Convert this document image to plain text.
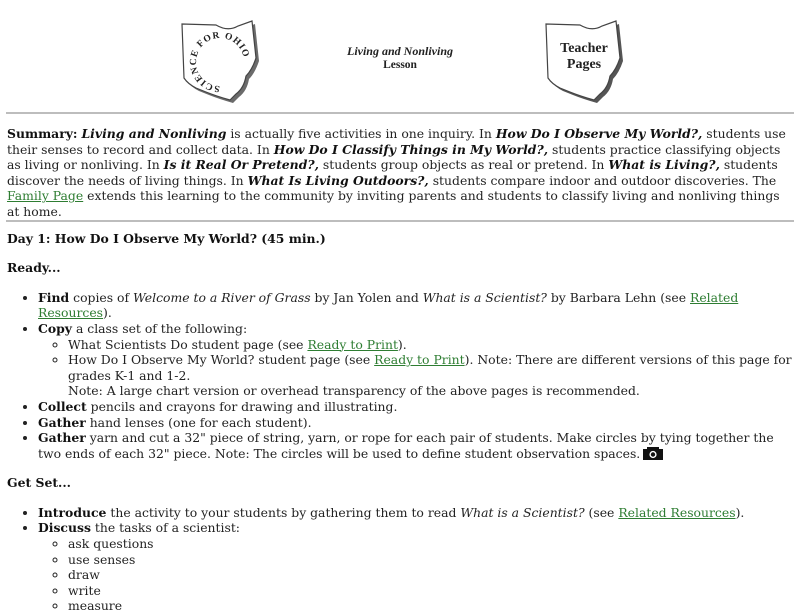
SCIENCE FOR OHIO	Living and Nonliving
Lesson
Teacher
Pages
Summary: Living and Nonliving is actually five activities in one inquiry. In How Do I Observe My World?, students use their senses to record and collect data. In How Do I Classify Things in My World?, students practice classifying objects as living or nonliving. In Is it Real Or Pretend?, students group objects as real or pretend. In What is Living?, students discover the needs of living things. In What Is Living Outdoors?, students compare indoor and outdoor discoveries. The Family Page extends this learning to the community by inviting parents and students to classify living and nonliving things at home.
Day 1: How Do I Observe My World? (45 min.)
Ready...
• Find copies of Welcome to a River of Grass by Jan Yolen and What is a Scientist? by Barbara Lehn (see Related Resources).
• Copy a class set of the following:
◦ What Scientists Do student page (see Ready to Print).
◦ How Do I Observe My World? student page (see Ready to Print). Note: There are different versions of this page for grades K-1 and 1-2.
Note: A large chart version or overhead transparency of the above pages is recommended.
• Collect pencils and crayons for drawing and illustrating.
• Gather hand lenses (one for each student).
• Gather yarn and cut a 32" piece of string, yarn, or rope for each pair of students. Make circles by tying together the two ends of each 32" piece. Note: The circles will be used to define student observation spaces.
Get Set...
• Introduce the activity to your students by gathering them to read What is a Scientist? (see Related Resources).
• Discuss the tasks of a scientist:
◦ ask questions
◦ use senses
◦ draw
◦ write
◦ measure
